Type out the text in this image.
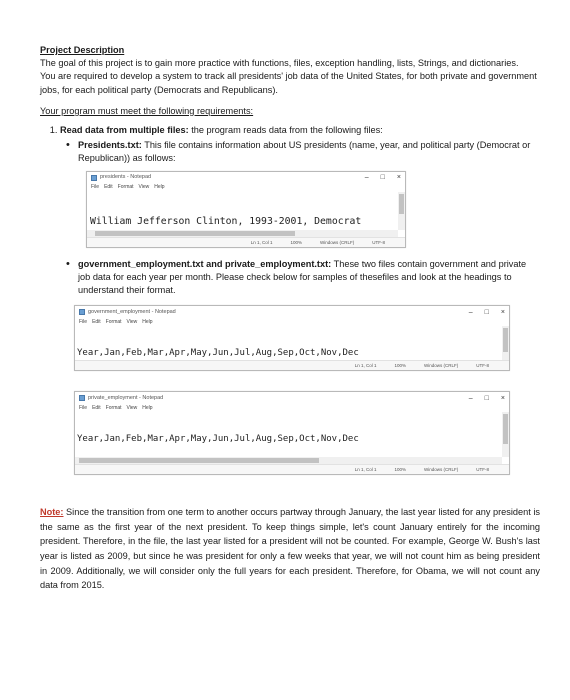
Project Description

The goal of this project is to gain more practice with functions, files, exception handling, lists, Strings, and dictionaries.

You are required to develop a system to track all presidents' job data of the United States, for both private and government jobs, for each political party (Democrats and Republicans).

Your program must meet the following requirements:

1. Read data from multiple files: the program reads data from the following files:
• Presidents.txt: This file contains information about US presidents (name, year, and political party (Democrat or Republican)) as follows:
presidents - Notepad	– □ ×
File Edit Format View Help

William Jefferson Clinton, 1993-2001, Democrat

Ln 1, Col 1	100%	Windows (CRLF)	UTF-8
• government_employment.txt and private_employment.txt: These two files contain government and private job data for each year per month. Please check below for samples of thesefiles and look at the headings to understand their format.
government_employment - Notepad	– □ ×
File Edit Format View Help

Year,Jan,Feb,Mar,Apr,May,Jun,Jul,Aug,Sep,Oct,Nov,Dec

Ln 1, Col 1	100%	Windows (CRLF)	UTF-8
private_employment - Notepad	– □ ×
File Edit Format View Help

Year,Jan,Feb,Mar,Apr,May,Jun,Jul,Aug,Sep,Oct,Nov,Dec

Ln 1, Col 1	100%	Windows (CRLF)	UTF-8

Note: Since the transition from one term to another occurs partway through January, the last year listed for any president is the same as the first year of the next president. To keep things simple, let's count January entirely for the incoming president. Therefore, in the file, the last year listed for a president will not be counted. For example, George W. Bush's last year is listed as 2009, but since he was president for only a few weeks that year, we will not count him as being president in 2009. Additionally, we will consider only the full years for each president. Therefore, for Obama, we will not count any data from 2015.
